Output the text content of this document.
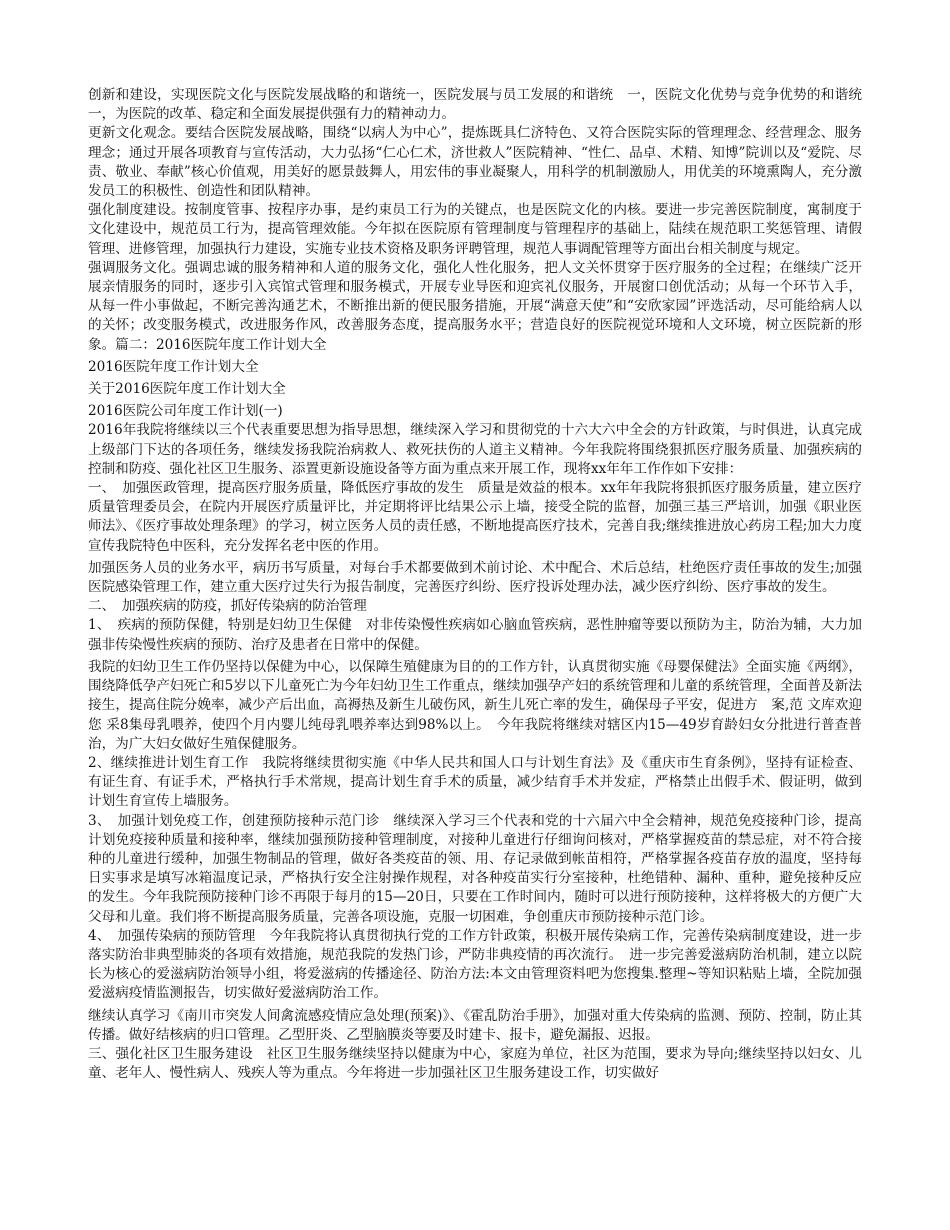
创新和建设，实现医院文化与医院发展战略的和谐统一，医院发展与员工发展的和谐统　一，医院文化优势与竞争优势的和谐统一，为医院的改革、稳定和全面发展提供强有力的精神动力。

更新文化观念。要结合医院发展战略，围绕“以病人为中心”，提炼既具仁济特色、又符合医院实际的管理理念、经营理念、服务理念；通过开展各项教育与宣传活动，大力弘扬“仁心仁术，济世救人”医院精神、“性仁、品卓、术精、知博”院训以及“爱院、尽责、敬业、奉献”核心价值观，用美好的愿景鼓舞人，用宏伟的事业凝聚人，用科学的机制激励人，用优美的环境熏陶人，充分激发员工的积极性、创造性和团队精神。

强化制度建设。按制度管事、按程序办事，是约束员工行为的关键点，也是医院文化的内核。要进一步完善医院制度，寓制度于文化建设中，规范员工行为，提高管理效能。今年拟在医院原有管理制度与管理程序的基础上，陆续在规范职工奖惩管理、请假管理、进修管理，加强执行力建设，实施专业技术资格及职务评聘管理，规范人事调配管理等方面出台相关制度与规定。

强调服务文化。强调忠诚的服务精神和人道的服务文化，强化人性化服务，把人文关怀贯穿于医疗服务的全过程；在继续广泛开展亲情服务的同时，逐步引入宾馆式管理和服务模式，开展专业导医和迎宾礼仪服务，开展窗口创优活动；从每一个环节入手，从每一件小事做起，不断完善沟通艺术，不断推出新的便民服务措施，开展“满意天使”和“安欣家园”评选活动，尽可能给病人以的关怀；改变服务模式，改进服务作风，改善服务态度，提高服务水平；营造良好的医院视觉环境和人文环境，树立医院新的形象。篇二：2016医院年度工作计划大全

2016医院年度工作计划大全

关于2016医院年度工作计划大全

2016医院公司年度工作计划(一)

2016年我院将继续以三个代表重要思想为指导思想，继续深入学习和贯彻党的十六大六中全会的方针政策，与时俱进，认真完成上级部门下达的各项任务，继续发扬我院治病救人、救死扶伤的人道主义精神。今年我院将围绕狠抓医疗服务质量、加强疾病的控制和防疫、强化社区卫生服务、添置更新设施设备等方面为重点来开展工作，现将xx年年工作作如下安排：

一、　加强医政管理，提高医疗服务质量，降低医疗事故的发生　质量是效益的根本。xx年年我院将狠抓医疗服务质量，建立医疗质量管理委员会，在院内开展医疗质量评比，并定期将评比结果公示上墙，接受全院的监督，加强三基三严培训，加强《职业医师法》、《医疗事故处理条理》的学习，树立医务人员的责任感，不断地提高医疗技术，完善自我;继续推进放心药房工程;加大力度宣传我院特色中医科，充分发挥名老中医的作用。

加强医务人员的业务水平，病历书写质量，对每台手术都要做到术前讨论、术中配合、术后总结，杜绝医疗责任事故的发生;加强医院感染管理工作，建立重大医疗过失行为报告制度，完善医疗纠纷、医疗投诉处理办法，减少医疗纠纷、医疗事故的发生。

二、　加强疾病的防疫，抓好传染病的防治管理

1、　疾病的预防保健，特别是妇幼卫生保健　对非传染慢性疾病如心脑血管疾病，恶性肿瘤等要以预防为主，防治为辅，大力加强非传染慢性疾病的预防、治疗及患者在日常中的保健。

我院的妇幼卫生工作仍坚持以保健为中心，以保障生殖健康为目的的工作方针，认真贯彻实施《母婴保健法》全面实施《两纲》，围绕降低孕产妇死亡和5岁以下儿童死亡为今年妇幼卫生工作重点，继续加强孕产妇的系统管理和儿童的系统管理，全面普及新法接生，提高住院分娩率，减少产后出血，高褥热及新生儿破伤风，新生儿死亡率的发生，确保母子平安，促进方　案,范 文库欢迎您 采8集母乳喂养，使四个月内婴儿纯母乳喂养率达到98%以上。　今年我院将继续对辖区内15—49岁育龄妇女分批进行普查普治，为广大妇女做好生殖保健服务。

2、继续推进计划生育工作　我院将继续贯彻实施《中华人民共和国人口与计划生育法》及《重庆市生育条例》，坚持有证检查、有证生育、有证手术，严格执行手术常规，提高计划生育手术的质量，减少结育手术并发症，严格禁止出假手术、假证明，做到计划生育宣传上墙服务。

3、　加强计划免疫工作，创建预防接种示范门诊　继续深入学习三个代表和党的十六届六中全会精神，规范免疫接种门诊，提高计划免疫接种质量和接种率，继续加强预防接种管理制度，对接种儿童进行仔细询问核对，严格掌握疫苗的禁忌症，对不符合接种的儿童进行缓种，加强生物制品的管理，做好各类疫苗的领、用、存记录做到帐苗相符，严格掌握各疫苗存放的温度，坚持每日实事求是填写冰箱温度记录，严格执行安全注射操作规程，对各种疫苗实行分室接种，杜绝错种、漏种、重种，避免接种反应的发生。今年我院预防接种门诊不再限于每月的15—20日，只要在工作时间内，随时可以进行预防接种，这样将极大的方便广大父母和儿童。我们将不断提高服务质量，完善各项设施，克服一切困难，争创重庆市预防接种示范门诊。

4、　加强传染病的预防管理　今年我院将认真贯彻执行党的工作方针政策，积极开展传染病工作，完善传染病制度建设，进一步落实防治非典型肺炎的各项有效措施，规范我院的发热门诊，严防非典疫情的再次流行。　进一步完善爱滋病防治机制，建立以院长为核心的爱滋病防治领导小组，将爱滋病的传播途径、防治方法:本文由管理资料吧为您搜集.整理~等知识粘贴上墙，全院加强爱滋病疫情监测报告，切实做好爱滋病防治工作。

继续认真学习《南川市突发人间禽流感疫情应急处理(预案)》、《霍乱防治手册》，加强对重大传染病的监测、预防、控制，防止其传播。做好结核病的归口管理。乙型肝炎、乙型脑膜炎等要及时建卡、报卡，避免漏报、迟报。

三、强化社区卫生服务建设　社区卫生服务继续坚持以健康为中心，家庭为单位，社区为范围，要求为导向;继续坚持以妇女、儿童、老年人、慢性病人、残疾人等为重点。今年将进一步加强社区卫生服务建设工作，切实做好
